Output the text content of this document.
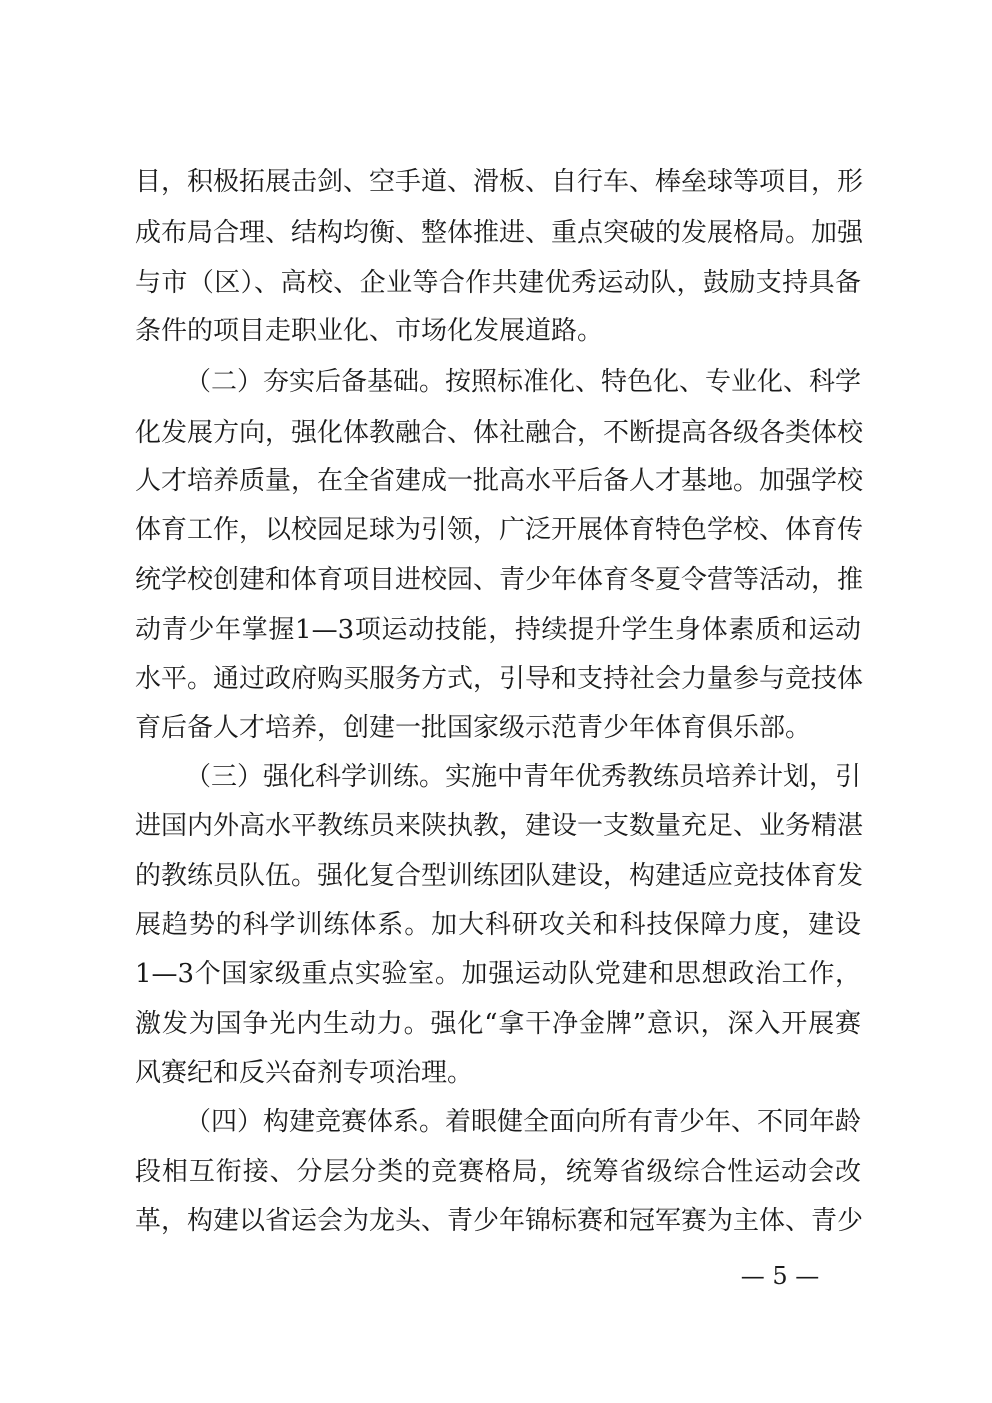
目，积极拓展击剑、空手道、滑板、自行车、棒垒球等项目，形
成布局合理、结构均衡、整体推进、重点突破的发展格局。加强
与市（区）、高校、企业等合作共建优秀运动队，鼓励支持具备
条件的项目走职业化、市场化发展道路。
（二）夯实后备基础。按照标准化、特色化、专业化、科学
化发展方向，强化体教融合、体社融合，不断提高各级各类体校
人才培养质量，在全省建成一批高水平后备人才基地。加强学校
体育工作，以校园足球为引领，广泛开展体育特色学校、体育传
统学校创建和体育项目进校园、青少年体育冬夏令营等活动，推
动青少年掌握1—3项运动技能，持续提升学生身体素质和运动
水平。通过政府购买服务方式，引导和支持社会力量参与竞技体
育后备人才培养，创建一批国家级示范青少年体育俱乐部。
（三）强化科学训练。实施中青年优秀教练员培养计划，引
进国内外高水平教练员来陕执教，建设一支数量充足、业务精湛
的教练员队伍。强化复合型训练团队建设，构建适应竞技体育发
展趋势的科学训练体系。加大科研攻关和科技保障力度，建设
1—3个国家级重点实验室。加强运动队党建和思想政治工作，
激发为国争光内生动力。强化“拿干净金牌”意识，深入开展赛
风赛纪和反兴奋剂专项治理。
（四）构建竞赛体系。着眼健全面向所有青少年、不同年龄
段相互衔接、分层分类的竞赛格局，统筹省级综合性运动会改
革，构建以省运会为龙头、青少年锦标赛和冠军赛为主体、青少
— 5 —
